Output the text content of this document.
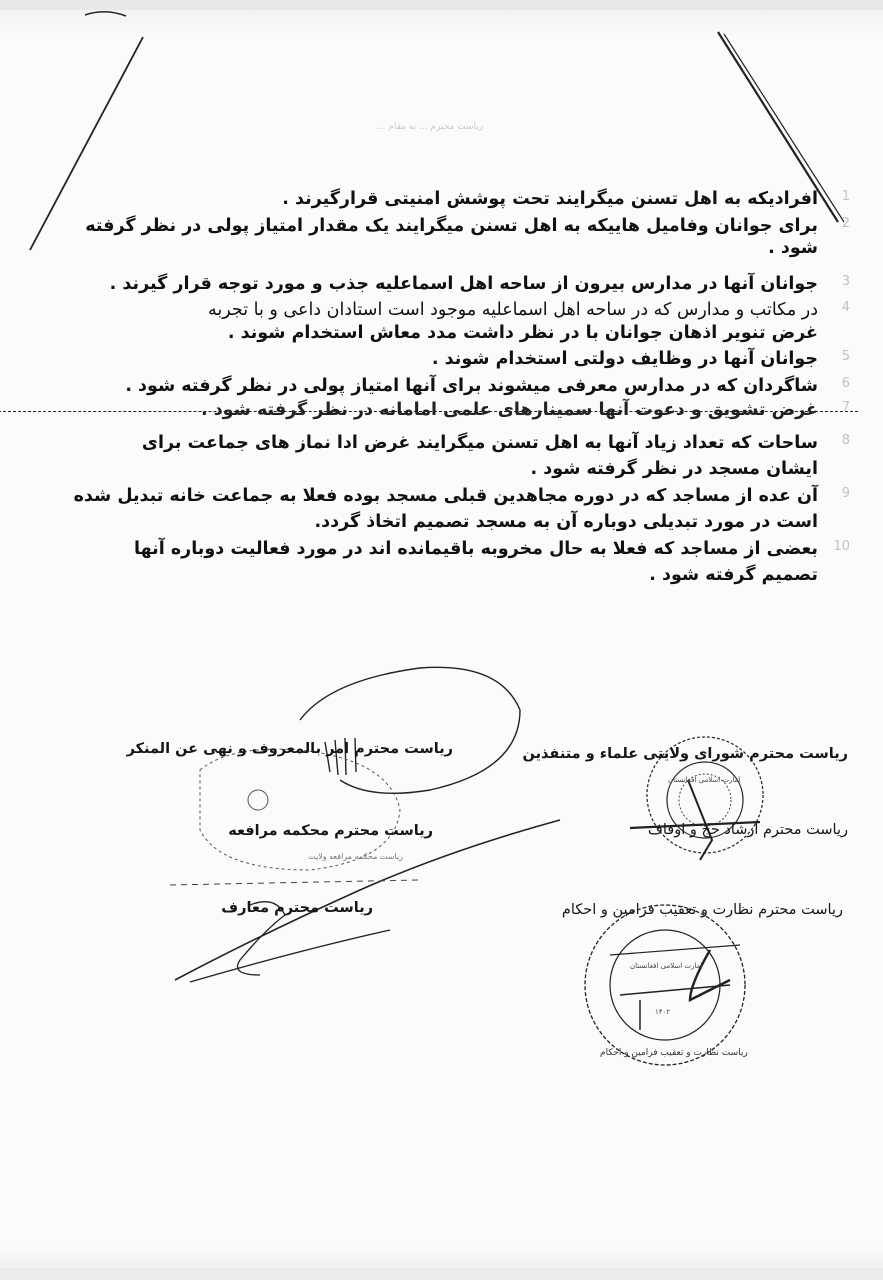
ریاست محترم ... به مقام ...
1
افرادیکه به اهل تسنن میگرایند تحت پوشش امنیتی قرارگیرند .
2
برای جوانان وفامیل هاییکه به اهل تسنن میگرایند یک مقدار امتیاز پولی در نظر گرفته
شود .
3
جوانان آنها در مدارس بیرون از ساحه اهل اسماعلیه جذب و مورد توجه قرار گیرند .
4
در مکاتب و مدارس که در ساحه اهل اسماعلیه موجود است استادان داعی و با تجربه
غرض تنویر اذهان جوانان با در نظر داشت مدد معاش استخدام شوند .
5
جوانان آنها در وظایف دولتی استخدام شوند .
6
شاگردان که در مدارس معرفی میشوند برای آنها امتیاز پولی در نظر گرفته شود .
7
غرض تشویق و دعوت آنها سمینارهای علمی امامانه در نظر گرفته شود .
8
ساحات که تعداد زیاد آنها به اهل تسنن میگرایند غرض ادا نماز های جماعت برای
ایشان مسجد در نظر گرفته شود .
9
آن عده از مساجد که در دوره مجاهدین قبلی مسجد بوده فعلا به جماعت خانه تبدیل شده
است در مورد تبدیلی دوباره آن به مسجد تصمیم اتخاذ گردد.
10
بعضی از مساجد که فعلا به حال مخروبه باقیمانده اند در مورد فعالیت دوباره آنها
تصمیم گرفته شود .
امارت اسلامی افغانستان
ریاست نظارت و تعقیب فرامین و احکام
امارت اسلامی افغانستان
۱۴۰۲
ریاست محترم شورای ولایتی علماء و متنفذین
ریاست محترم امر بالمعروف و نهی عن المنکر
ریاست محترم ارشاد حج و اوقاف
ریاست محترم محکمه مرافعه
ریاست محکمه مرافعه ولایت
ریاست محترم نظارت و تعقیب فرامین و احکام
ریاست محترم معارف
